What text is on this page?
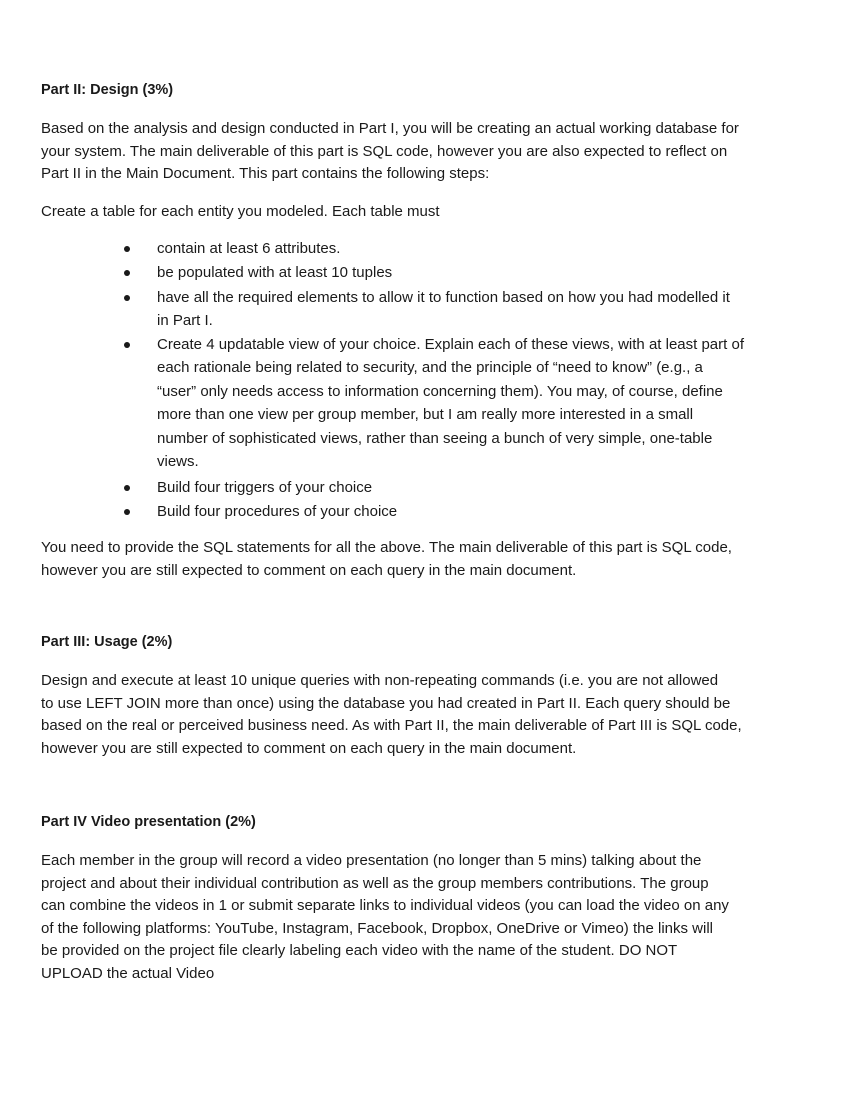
Part II: Design (3%)

Based on the analysis and design conducted in Part I, you will be creating an actual working database for
your system. The main deliverable of this part is SQL code, however you are also expected to reflect on
Part II in the Main Document. This part contains the following steps:

Create a table for each entity you modeled. Each table must

contain at least 6 attributes.
be populated with at least 10 tuples
have all the required elements to allow it to function based on how you had modelled it
in Part I.
Create 4 updatable view of your choice. Explain each of these views, with at least part of
each rationale being related to security, and the principle of “need to know” (e.g., a
“user” only needs access to information concerning them). You may, of course, define
more than one view per group member, but I am really more interested in a small
number of sophisticated views, rather than seeing a bunch of very simple, one-table
views.
Build four triggers of your choice
Build four procedures of your choice

You need to provide the SQL statements for all the above. The main deliverable of this part is SQL code,
however you are still expected to comment on each query in the main document.

Part III: Usage (2%)

Design and execute at least 10 unique queries with non-repeating commands (i.e. you are not allowed
to use LEFT JOIN more than once) using the database you had created in Part II. Each query should be
based on the real or perceived business need. As with Part II, the main deliverable of Part III is SQL code,
however you are still expected to comment on each query in the main document.

Part IV Video presentation (2%)

Each member in the group will record a video presentation (no longer than 5 mins) talking about the
project and about their individual contribution as well as the group members contributions. The group
can combine the videos in 1 or submit separate links to individual videos (you can load the video on any
of the following platforms: YouTube, Instagram, Facebook, Dropbox, OneDrive or Vimeo) the links will
be provided on the project file clearly labeling each video with the name of the student. DO NOT
UPLOAD the actual Video
